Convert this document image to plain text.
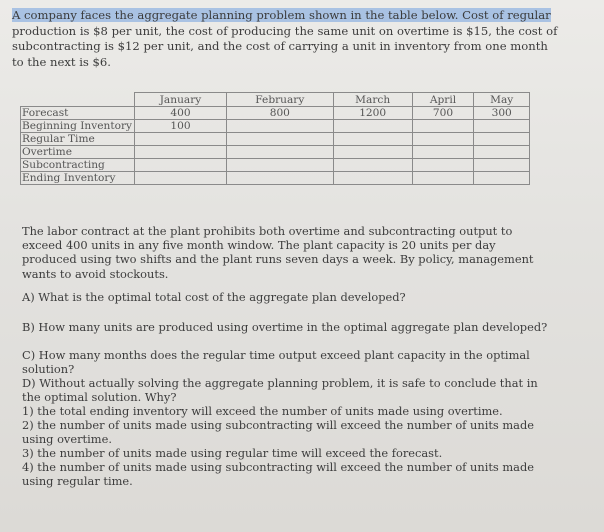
A company faces the aggregate planning problem shown in the table below. Cost of regular production is $8 per unit, the cost of producing the same unit on overtime is $15, the cost of subcontracting is $12 per unit, and the cost of carrying a unit in inventory from one month to the next is $6.
	January	February	March	April	May
Forecast	400	800	1200	700	300
Beginning Inventory	100				
Regular Time					
Overtime					
Subcontracting					
Ending Inventory					
The labor contract at the plant prohibits both overtime and subcontracting output to exceed 400 units in any five month window. The plant capacity is 20 units per day produced using two shifts and the plant runs seven days a week. By policy, management wants to avoid stockouts.
A) What is the optimal total cost of the aggregate plan developed?
B) How many units are produced using overtime in the optimal aggregate plan developed?
C) How many months does the regular time output exceed plant capacity in the optimal solution?
D) Without actually solving the aggregate planning problem, it is safe to conclude that in the optimal solution. Why?
1) the total ending inventory will exceed the number of units made using overtime.
2) the number of units made using subcontracting will exceed the number of units made using overtime.
3) the number of units made using regular time will exceed the forecast.
4) the number of units made using subcontracting will exceed the number of units made using regular time.
